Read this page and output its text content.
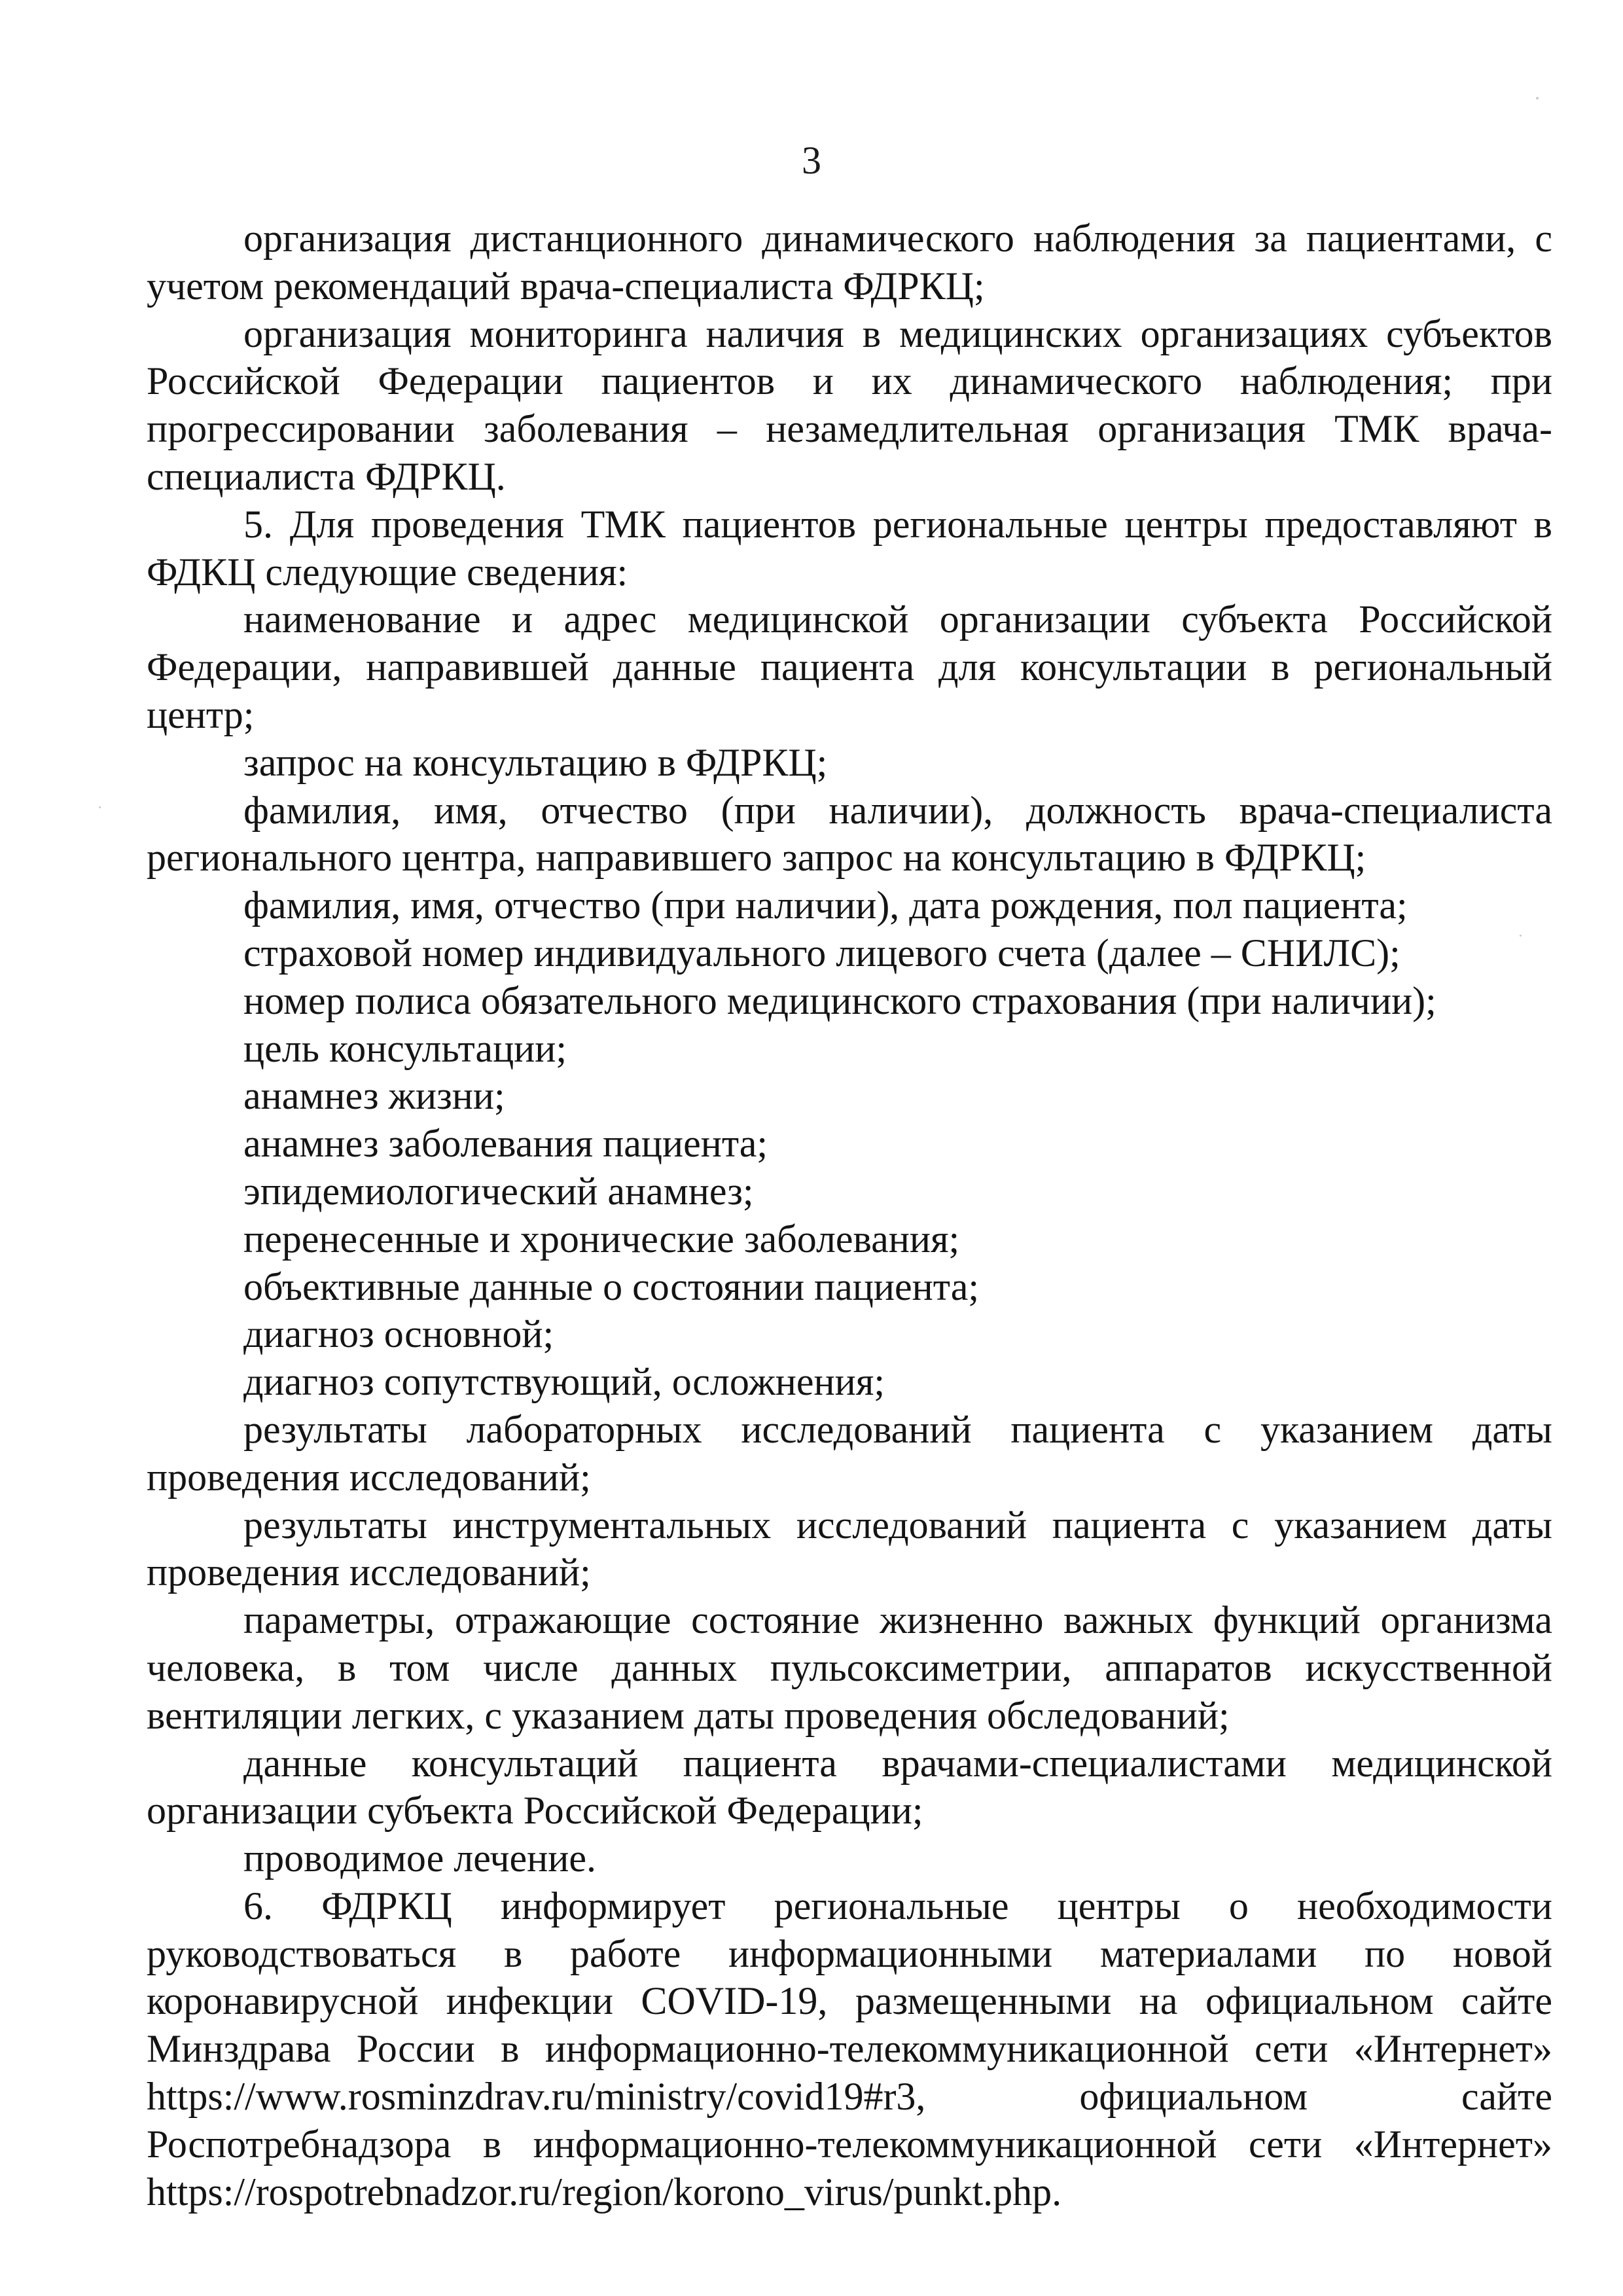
3

организация дистанционного динамического наблюдения за пациентами, с учетом рекомендаций врача-специалиста ФДРКЦ;

организация мониторинга наличия в медицинских организациях субъектов Российской Федерации пациентов и их динамического наблюдения; при прогрессировании заболевания – незамедлительная организация ТМК врача-специалиста ФДРКЦ.

5. Для проведения ТМК пациентов региональные центры предоставляют в ФДКЦ следующие сведения:

наименование и адрес медицинской организации субъекта Российской Федерации, направившей данные пациента для консультации в региональный центр;

запрос на консультацию в ФДРКЦ;

фамилия, имя, отчество (при наличии), должность врача-специалиста регионального центра, направившего запрос на консультацию в ФДРКЦ;

фамилия, имя, отчество (при наличии), дата рождения, пол пациента;

страховой номер индивидуального лицевого счета (далее – СНИЛС);

номер полиса обязательного медицинского страхования (при наличии);

цель консультации;

анамнез жизни;

анамнез заболевания пациента;

эпидемиологический анамнез;

перенесенные и хронические заболевания;

объективные данные о состоянии пациента;

диагноз основной;

диагноз сопутствующий, осложнения;

результаты лабораторных исследований пациента с указанием даты проведения исследований;

результаты инструментальных исследований пациента с указанием даты проведения исследований;

параметры, отражающие состояние жизненно важных функций организма человека, в том числе данных пульсоксиметрии, аппаратов искусственной вентиляции легких, с указанием даты проведения обследований;

данные консультаций пациента врачами-специалистами медицинской организации субъекта Российской Федерации;

проводимое лечение.

6. ФДРКЦ информирует региональные центры о необходимости руководствоваться в работе информационными материалами по новой коронавирусной инфекции COVID-19, размещенными на официальном сайте Минздрава России в информационно-телекоммуникационной сети «Интернет» https://www.rosminzdrav.ru/ministry/covid19#r3, официальном сайте Роспотребнадзора в информационно-телекоммуникационной сети «Интернет» https://rospotrebnadzor.ru/region/korono_virus/punkt.php.
